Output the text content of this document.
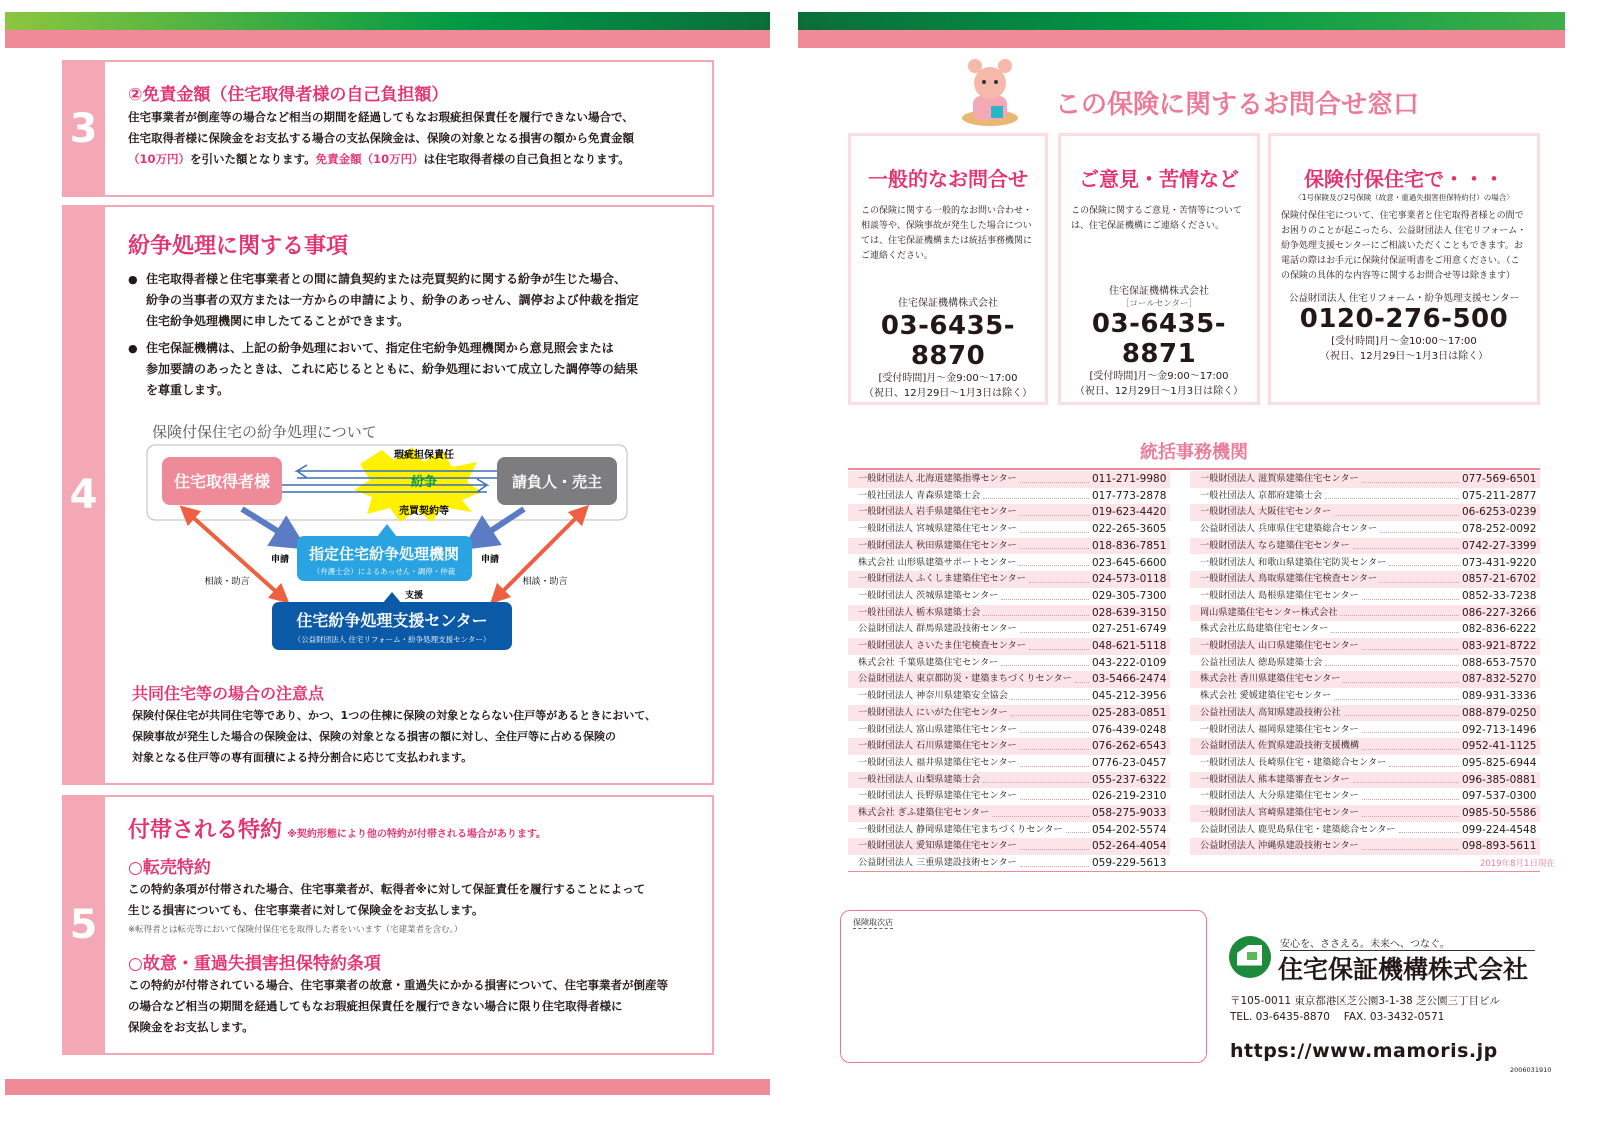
3
②免責金額（住宅取得者様の自己負担額）
住宅事業者が倒産等の場合など相当の期間を経過してもなお瑕疵担保責任を履行できない場合で、
住宅取得者様に保険金をお支払する場合の支払保険金は、保険の対象となる損害の額から免責金額
（10万円）を引いた額となります。免責金額（10万円）は住宅取得者様の自己負担となります。
4
紛争処理に関する事項
● 住宅取得者様と住宅事業者との間に請負契約または売買契約に関する紛争が生じた場合、
紛争の当事者の双方または一方からの申請により、紛争のあっせん、調停および仲裁を指定
住宅紛争処理機関に申したてることができます。
● 住宅保証機構は、上記の紛争処理において、指定住宅紛争処理機関から意見照会または
参加要請のあったときは、これに応じるとともに、紛争処理において成立した調停等の結果
を尊重します。
保険付保住宅の紛争処理について
住宅取得者様	請負人・売主
瑕疵担保責任
紛争
売買契約等
指定住宅紛争処理機関
（弁護士会）によるあっせん・調停・仲裁
申請	申請
相談・助言	相談・助言
支援
住宅紛争処理支援センター
（公益財団法人 住宅リフォーム・紛争処理支援センター）
共同住宅等の場合の注意点
保険付保住宅が共同住宅等であり、かつ、1つの住棟に保険の対象とならない住戸等があるときにおいて、
保険事故が発生した場合の保険金は、保険の対象となる損害の額に対し、全住戸等に占める保険の
対象となる住戸等の専有面積による持分割合に応じて支払われます。
5
付帯される特約 ※契約形態により他の特約が付帯される場合があります。
○転売特約
この特約条項が付帯された場合、住宅事業者が、転得者※に対して保証責任を履行することによって
生じる損害についても、住宅事業者に対して保険金をお支払します。
※転得者とは転売等において保険付保住宅を取得した者をいいます（宅建業者を含む。）
○故意・重過失損害担保特約条項
この特約が付帯されている場合、住宅事業者の故意・重過失にかかる損害について、住宅事業者が倒産等
の場合など相当の期間を経過してもなお瑕疵担保責任を履行できない場合に限り住宅取得者様に
保険金をお支払します。
この保険に関するお問合せ窓口
一般的なお問合せ
この保険に関する一般的なお問い合わせ・相談等や、保険事故が発生した場合については、住宅保証機構または統括事務機関にご連絡ください。
住宅保証機構株式会社
03-6435-8870
[受付時間]月～金9:00～17:00
（祝日、12月29日～1月3日は除く）
ご意見・苦情など
この保険に関するご意見・苦情等については、住宅保証機構にご連絡ください。
住宅保証機構株式会社
［コールセンター］
03-6435-8871
[受付時間]月～金9:00～17:00
（祝日、12月29日～1月3日は除く）
保険付保住宅で・・・
〈1号保険及び2号保険（故意・重過失損害担保特約付）の場合〉
保険付保住宅について、住宅事業者と住宅取得者様との間でお困りのことが起こったら、公益財団法人 住宅リフォーム・紛争処理支援センターにご相談いただくこともできます。お電話の際はお手元に保険付保証明書をご用意ください。（この保険の具体的な内容等に関するお問合せ等は除きます）
公益財団法人 住宅リフォーム・紛争処理支援センター
0120-276-500
[受付時間]月～金10:00～17:00
（祝日、12月29日～1月3日は除く）
統括事務機関
一般財団法人 北海道建築指導センター	011-271-9980
一般社団法人 青森県建築士会	017-773-2878
一般財団法人 岩手県建築住宅センター	019-623-4420
一般財団法人 宮城県建築住宅センター	022-265-3605
一般財団法人 秋田県建築住宅センター	018-836-7851
株式会社 山形県建築サポートセンター	023-645-6600
一般財団法人 ふくしま建築住宅センター	024-573-0118
一般財団法人 茨城県建築センター	029-305-7300
一般社団法人 栃木県建築士会	028-639-3150
公益財団法人 群馬県建設技術センター	027-251-6749
一般財団法人 さいたま住宅検査センター	048-621-5118
株式会社 千葉県建築住宅センター	043-222-0109
公益財団法人 東京都防災・建築まちづくりセンター 03-5466-2474
一般財団法人 神奈川県建築安全協会	045-212-3956
一般財団法人 にいがた住宅センター	025-283-0851
一般財団法人 富山県建築住宅センター	076-439-0248
一般財団法人 石川県建築住宅センター	076-262-6543
一般財団法人 福井県建築住宅センター	0776-23-0457
一般社団法人 山梨県建築士会	055-237-6322
一般財団法人 長野県建築住宅センター	026-219-2310
株式会社 ぎふ建築住宅センター	058-275-9033
一般財団法人 静岡県建築住宅まちづくりセンター	054-202-5574
一般財団法人 愛知県建築住宅センター	052-264-4054
公益財団法人 三重県建設技術センター	059-229-5613
一般財団法人 滋賀県建築住宅センター	077-569-6501
一般社団法人 京都府建築士会	075-211-2877
一般財団法人 大阪住宅センター	06-6253-0239
公益財団法人 兵庫県住宅建築総合センター	078-252-0092
一般財団法人 なら建築住宅センター	0742-27-3399
一般財団法人 和歌山県建築住宅防災センター	073-431-9220
一般財団法人 鳥取県建築住宅検査センター	0857-21-6702
一般財団法人 島根県建築住宅センター	0852-33-7238
岡山県建築住宅センター株式会社	086-227-3266
株式会社広島建築住宅センター	082-836-6222
一般財団法人 山口県建築住宅センター	083-921-8722
公益社団法人 徳島県建築士会	088-653-7570
株式会社 香川県建築住宅センター	087-832-5270
株式会社 愛媛建築住宅センター	089-931-3336
公益社団法人 高知県建設技術公社	088-879-0250
一般財団法人 福岡県建築住宅センター	092-713-1496
公益財団法人 佐賀県建設技術支援機構	0952-41-1125
一般財団法人 長崎県住宅・建築総合センター	095-825-6944
一般財団法人 熊本建築審査センター	096-385-0881
一般財団法人 大分県建築住宅センター	097-537-0300
一般財団法人 宮崎県建築住宅センター	0985-50-5586
公益財団法人 鹿児島県住宅・建築総合センター	099-224-4548
公益財団法人 沖縄県建設技術センター	098-893-5611
2019年8月1日現在
保険取次店
安心を、ささえる。未来へ、つなぐ。
住宅保証機構株式会社
〒105-0011 東京都港区芝公園3-1-38 芝公園三丁目ビル
TEL. 03-6435-8870　 FAX. 03-3432-0571
https://www.mamoris.jp
2006031910
